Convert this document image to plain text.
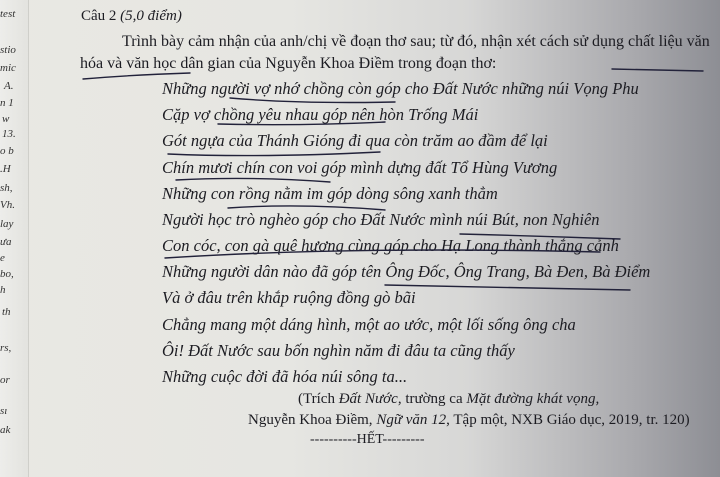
test
stio
mic
A.
n 1
w
13.
o b
.H
sh,
Vh.
lay
ưa
e
bo,
h
th
rs,
or
sı
ak
Câu 2 (5,0 điểm)
Trình bày cảm nhận của anh/chị về đoạn thơ sau; từ đó, nhận xét cách sử dụng chất liệu văn
hóa và văn học dân gian của Nguyễn Khoa Điềm trong đoạn thơ:
Những người vợ nhớ chồng còn góp cho Đất Nước những núi Vọng Phu
Cặp vợ chồng yêu nhau góp nên hòn Trống Mái
Gót ngựa của Thánh Gióng đi qua còn trăm ao đầm để lại
Chín mươi chín con voi góp mình dựng đất Tổ Hùng Vương
Những con rồng nằm im góp dòng sông xanh thẳm
Người học trò nghèo góp cho Đất Nước mình núi Bút, non Nghiên
Con cóc, con gà quê hương cùng góp cho Hạ Long thành thắng cảnh
Những người dân nào đã góp tên Ông Đốc, Ông Trang, Bà Đen, Bà Điểm
Và ở đâu trên khắp ruộng đồng gò bãi
Chẳng mang một dáng hình, một ao ước, một lối sống ông cha
Ôi! Đất Nước sau bốn nghìn năm đi đâu ta cũng thấy
Những cuộc đời đã hóa núi sông ta...
(Trích Đất Nước, trường ca Mặt đường khát vọng,
Nguyễn Khoa Điềm, Ngữ văn 12, Tập một, NXB Giáo dục, 2019, tr. 120)
----------HẾT---------
